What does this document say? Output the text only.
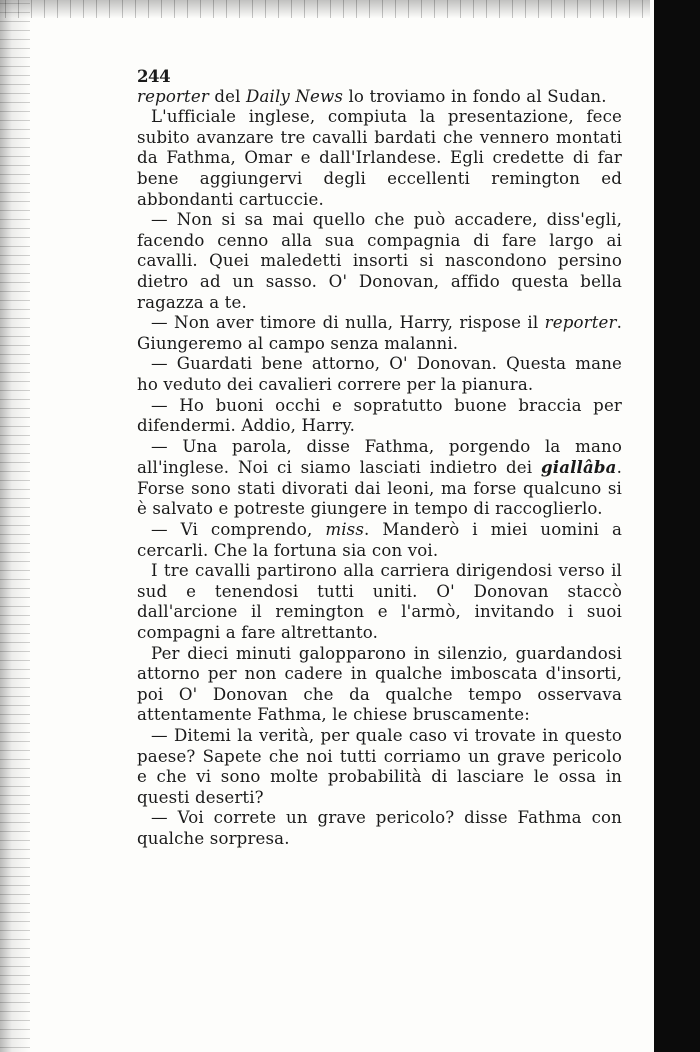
244

reporter del Daily News lo troviamo in fondo al Sudan.

L'ufficiale inglese, compiuta la presentazione, fece subito avanzare tre cavalli bardati che vennero montati da Fathma, Omar e dall'Irlandese. Egli credette di far bene aggiungervi degli eccellenti remington ed abbondanti cartuccie.

— Non si sa mai quello che può accadere, diss'egli, facendo cenno alla sua compagnia di fare largo ai cavalli. Quei maledetti insorti si nascondono persino dietro ad un sasso. O' Donovan, affido questa bella ragazza a te.

— Non aver timore di nulla, Harry, rispose il reporter. Giungeremo al campo senza malanni.

— Guardati bene attorno, O' Donovan. Questa mane ho veduto dei cavalieri correre per la pianura.

— Ho buoni occhi e sopratutto buone braccia per difendermi. Addio, Harry.

— Una parola, disse Fathma, porgendo la mano all'inglese. Noi ci siamo lasciati indietro dei giallâba. Forse sono stati divorati dai leoni, ma forse qualcuno si è salvato e potreste giungere in tempo di raccoglierlo.

— Vi comprendo, miss. Manderò i miei uomini a cercarli. Che la fortuna sia con voi.

I tre cavalli partirono alla carriera dirigendosi verso il sud e tenendosi tutti uniti. O' Donovan staccò dall'arcione il remington e l'armò, invitando i suoi compagni a fare altrettanto.

Per dieci minuti galopparono in silenzio, guardandosi attorno per non cadere in qualche imboscata d'insorti, poi O' Donovan che da qualche tempo osservava attentamente Fathma, le chiese bruscamente:

— Ditemi la verità, per quale caso vi trovate in questo paese? Sapete che noi tutti corriamo un grave pericolo e che vi sono molte probabilità di lasciare le ossa in questi deserti?

— Voi correte un grave pericolo? disse Fathma con qualche sorpresa.
